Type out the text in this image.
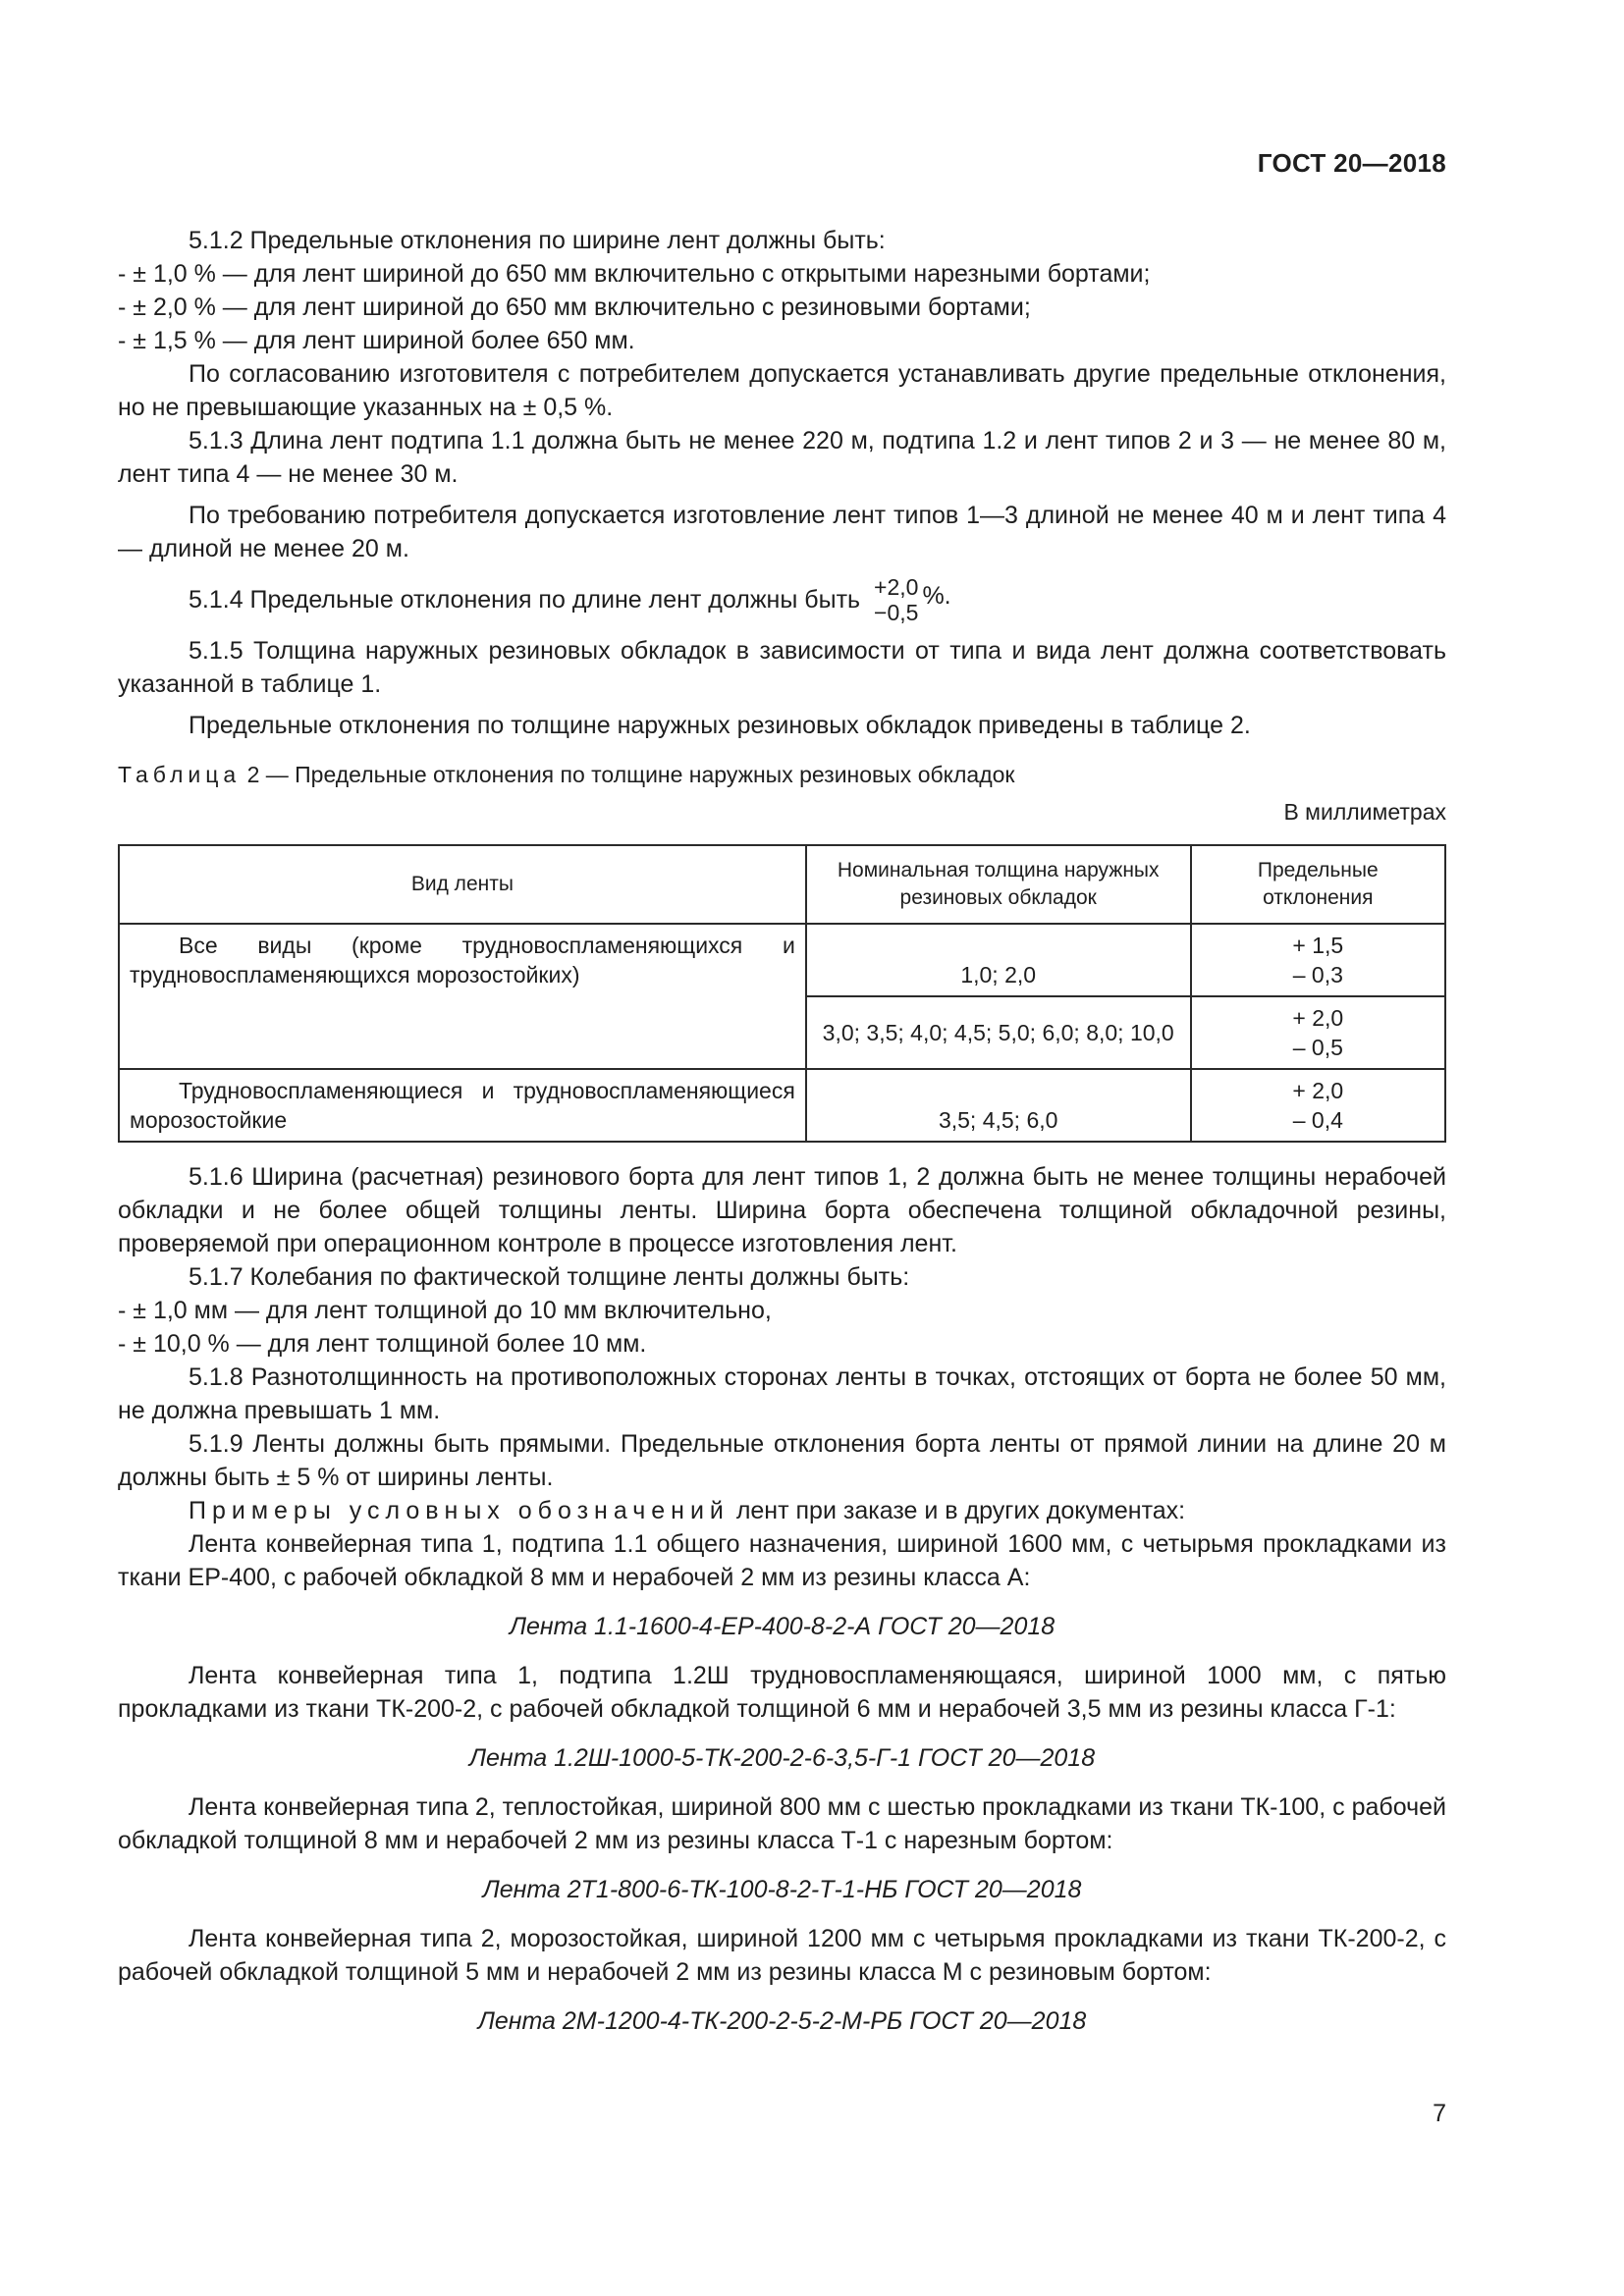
ГОСТ 20—2018

5.1.2 Предельные отклонения по ширине лент должны быть:

- ± 1,0 % — для лент шириной до 650 мм включительно с открытыми нарезными бортами;

- ± 2,0 % — для лент шириной до 650 мм включительно с резиновыми бортами;

- ± 1,5 % — для лент шириной более 650 мм.

По согласованию изготовителя с потребителем допускается устанавливать другие предельные отклонения, но не превышающие указанных на ± 0,5 %.

5.1.3 Длина лент подтипа 1.1 должна быть не менее 220 м, подтипа 1.2 и лент типов 2 и 3 — не менее 80 м, лент типа 4 — не менее 30 м.

По требованию потребителя допускается изготовление лент типов 1—3 длиной не менее 40 м и лент типа 4 — длиной не менее 20 м.

5.1.4 Предельные отклонения по длине лент должны быть +2,0
−0,5
%.

5.1.5 Толщина наружных резиновых обкладок в зависимости от типа и вида лент должна соответствовать указанной в таблице 1.

Предельные отклонения по толщине наружных резиновых обкладок приведены в таблице 2.

Таблица 2 — Предельные отклонения по толщине наружных резиновых обкладок

В миллиметрах

Вид ленты	Номинальная толщина наружных резиновых обкладок	Предельные отклонения
Все виды (кроме трудновоспламеняющихся и трудновоспламеняющихся морозостойких)	1,0; 2,0	+ 1,5
– 0,3

	3,0; 3,5; 4,0; 4,5; 5,0; 6,0; 8,0; 10,0	+ 2,0
– 0,5

Трудновоспламеняющиеся и трудновоспламеняющиеся морозостойкие	3,5; 4,5; 6,0	+ 2,0
– 0,4

5.1.6 Ширина (расчетная) резинового борта для лент типов 1, 2 должна быть не менее толщины нерабочей обкладки и не более общей толщины ленты. Ширина борта обеспечена толщиной обкладочной резины, проверяемой при операционном контроле в процессе изготовления лент.

5.1.7 Колебания по фактической толщине ленты должны быть:

- ± 1,0 мм — для лент толщиной до 10 мм включительно,

- ± 10,0 % — для лент толщиной более 10 мм.

5.1.8 Разнотолщинность на противоположных сторонах ленты в точках, отстоящих от борта не более 50 мм, не должна превышать 1 мм.

5.1.9 Ленты должны быть прямыми. Предельные отклонения борта ленты от прямой линии на длине 20 м должны быть ± 5 % от ширины ленты.

Примеры условных обозначений лент при заказе и в других документах:

Лента конвейерная типа 1, подтипа 1.1 общего назначения, шириной 1600 мм, с четырьмя прокладками из ткани ЕР-400, с рабочей обкладкой 8 мм и нерабочей 2 мм из резины класса А:

Лента 1.1-1600-4-ЕР-400-8-2-А ГОСТ 20—2018

Лента конвейерная типа 1, подтипа 1.2Ш трудновоспламеняющаяся, шириной 1000 мм, с пятью прокладками из ткани ТК-200-2, с рабочей обкладкой толщиной 6 мм и нерабочей 3,5 мм из резины класса Г-1:

Лента 1.2Ш-1000-5-ТК-200-2-6-3,5-Г-1 ГОСТ 20—2018

Лента конвейерная типа 2, теплостойкая, шириной 800 мм с шестью прокладками из ткани ТК-100, с рабочей обкладкой толщиной 8 мм и нерабочей 2 мм из резины класса Т-1 с нарезным бортом:

Лента 2Т1-800-6-ТК-100-8-2-Т-1-НБ ГОСТ 20—2018

Лента конвейерная типа 2, морозостойкая, шириной 1200 мм с четырьмя прокладками из ткани ТК-200-2, с рабочей обкладкой толщиной 5 мм и нерабочей 2 мм из резины класса М с резиновым бортом:

Лента 2М-1200-4-ТК-200-2-5-2-М-РБ ГОСТ 20—2018

7
